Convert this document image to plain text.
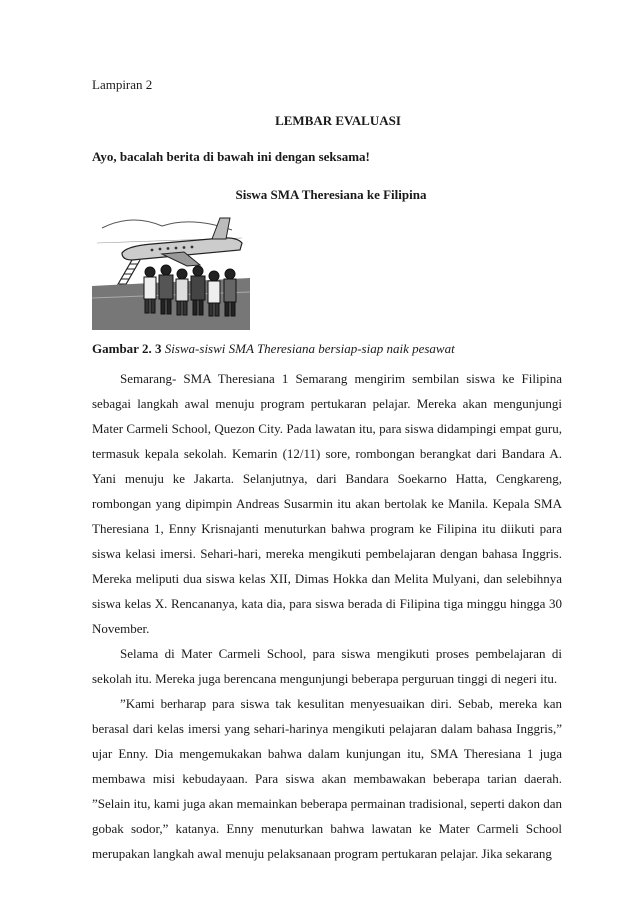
Lampiran 2
LEMBAR EVALUASI
Ayo, bacalah berita di bawah ini dengan seksama!
Siswa SMA Theresiana ke Filipina
Gambar 2. 3 Siswa-siswi SMA Theresiana bersiap-siap naik pesawat

Semarang- SMA Theresiana 1 Semarang mengirim sembilan siswa ke Filipina sebagai langkah awal menuju program pertukaran pelajar. Mereka akan mengunjungi Mater Carmeli School, Quezon City. Pada lawatan itu, para siswa didampingi empat guru, termasuk kepala sekolah. Kemarin (12/11) sore, rombongan berangkat dari Bandara A. Yani menuju ke Jakarta. Selanjutnya, dari Bandara Soekarno Hatta, Cengkareng, rombongan yang dipimpin Andreas Susarmin itu akan bertolak ke Manila. Kepala SMA Theresiana 1, Enny Krisnajanti menuturkan bahwa program ke Filipina itu diikuti para siswa kelasi imersi. Sehari-hari, mereka mengikuti pembelajaran dengan bahasa Inggris. Mereka meliputi dua siswa kelas XII, Dimas Hokka dan Melita Mulyani, dan selebihnya siswa kelas X. Rencananya, kata dia, para siswa berada di Filipina tiga minggu hingga 30 November.

Selama di Mater Carmeli School, para siswa mengikuti proses pembelajaran di sekolah itu. Mereka juga berencana mengunjungi beberapa perguruan tinggi di negeri itu.

”Kami berharap para siswa tak kesulitan menyesuaikan diri. Sebab, mereka kan berasal dari kelas imersi yang sehari-harinya mengikuti pelajaran dalam bahasa Inggris,” ujar Enny. Dia mengemukakan bahwa dalam kunjungan itu, SMA Theresiana 1 juga membawa misi kebudayaan. Para siswa akan membawakan beberapa tarian daerah. ”Selain itu, kami juga akan memainkan beberapa permainan tradisional, seperti dakon dan gobak sodor,” katanya. Enny menuturkan bahwa lawatan ke Mater Carmeli School merupakan langkah awal menuju pelaksanaan program pertukaran pelajar. Jika sekarang
